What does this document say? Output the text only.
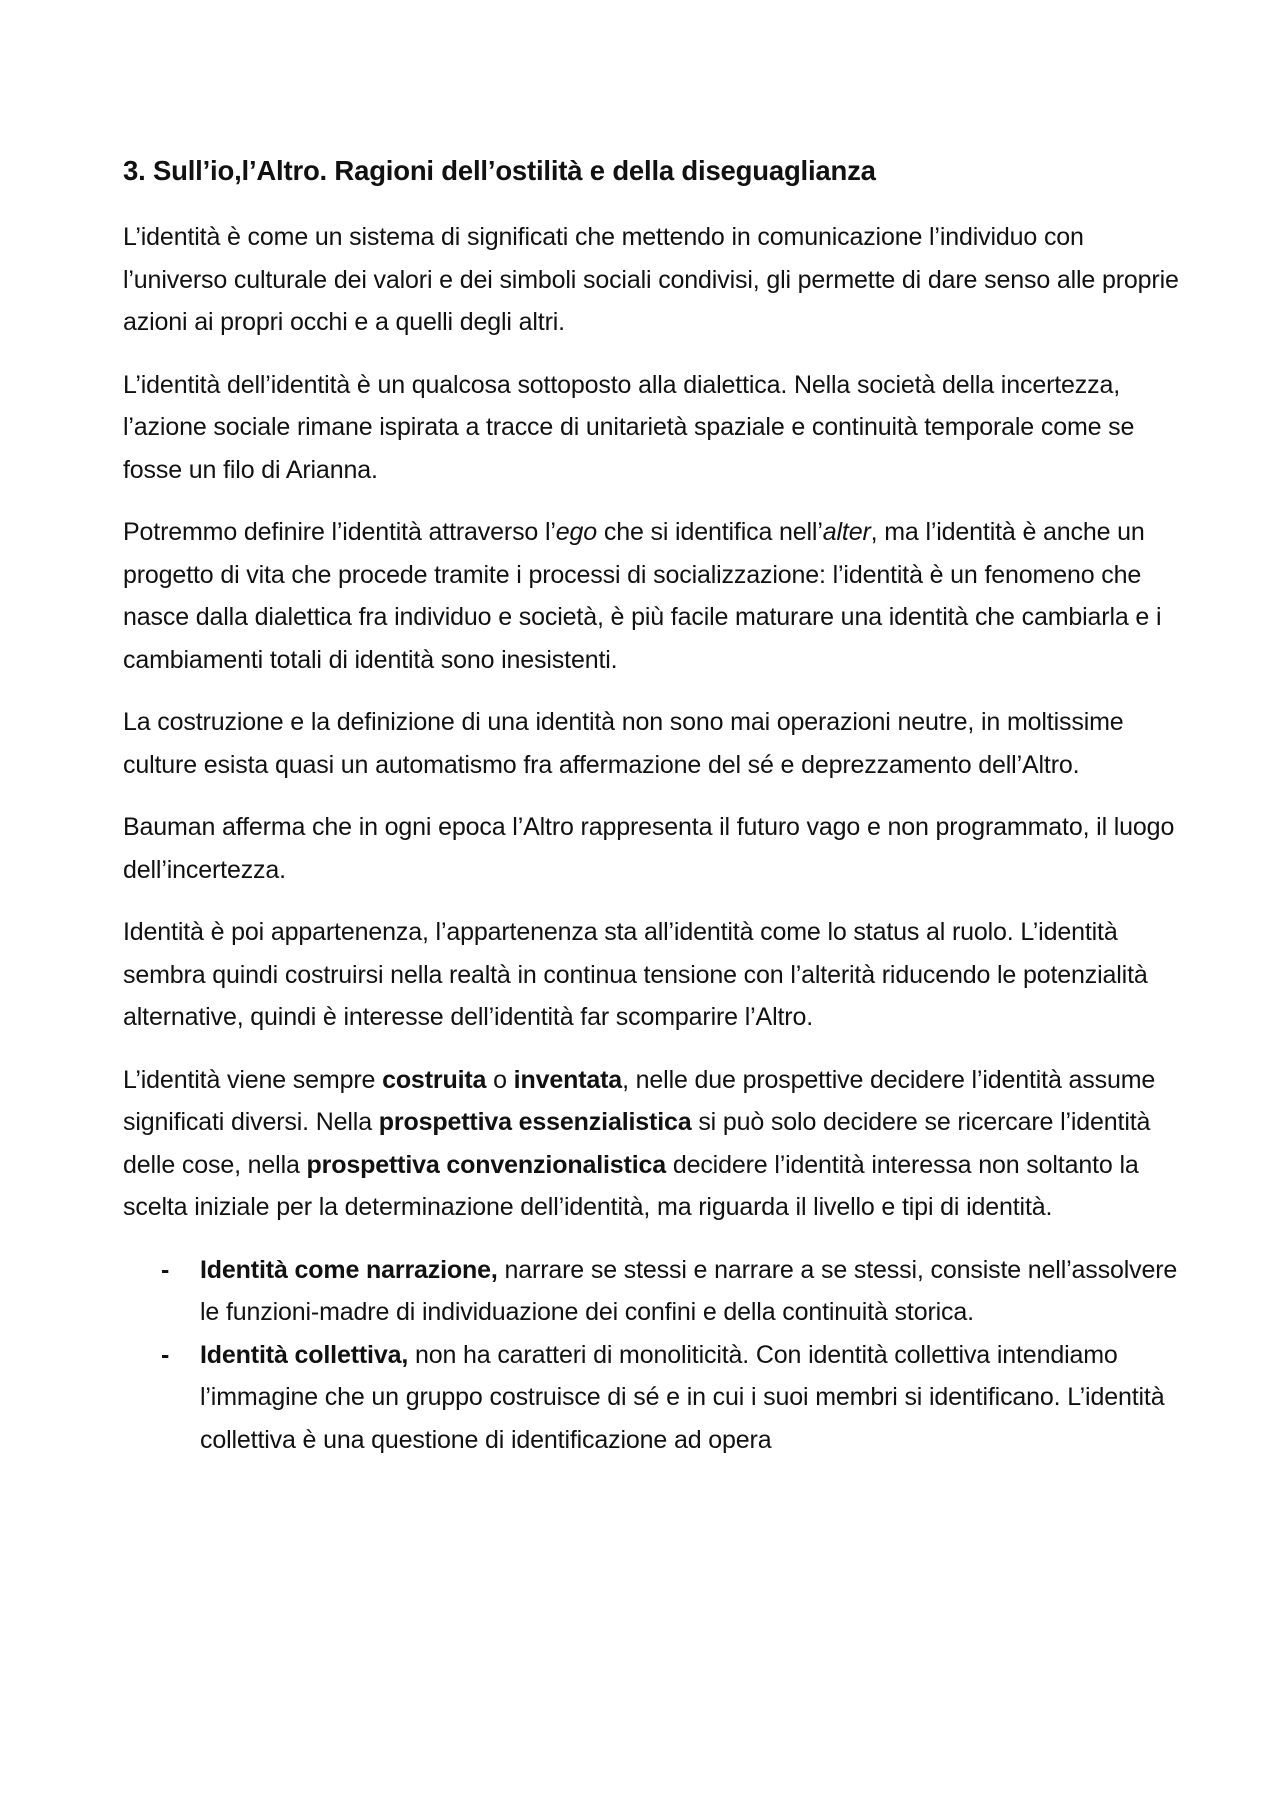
3. Sull’io,l’Altro. Ragioni dell’ostilità e della diseguaglianza

L’identità è come un sistema di significati che mettendo in comunicazione l’individuo con l’universo culturale dei valori e dei simboli sociali condivisi, gli permette di dare senso alle proprie azioni ai propri occhi e a quelli degli altri.

L’identità dell’identità è un qualcosa sottoposto alla dialettica. Nella società della incertezza, l’azione sociale rimane ispirata a tracce di unitarietà spaziale e continuità temporale come se fosse un filo di Arianna.

Potremmo definire l’identità attraverso l’ego che si identifica nell’alter, ma l’identità è anche un progetto di vita che procede tramite i processi di socializzazione: l’identità è un fenomeno che nasce dalla dialettica fra individuo e società, è più facile maturare una identità che cambiarla e i cambiamenti totali di identità sono inesistenti.

La costruzione e la definizione di una identità non sono mai operazioni neutre, in moltissime culture esista quasi un automatismo fra affermazione del sé e deprezzamento dell’Altro.

Bauman afferma che in ogni epoca l’Altro rappresenta il futuro vago e non programmato, il luogo dell’incertezza.

Identità è poi appartenenza, l’appartenenza sta all’identità come lo status al ruolo. L’identità sembra quindi costruirsi nella realtà in continua tensione con l’alterità riducendo le potenzialità alternative, quindi è interesse dell’identità far scomparire l’Altro.

L’identità viene sempre costruita o inventata, nelle due prospettive decidere l’identità assume significati diversi. Nella prospettiva essenzialistica si può solo decidere se ricercare l’identità delle cose, nella prospettiva convenzionalistica decidere l’identità interessa non soltanto la scelta iniziale per la determinazione dell’identità, ma riguarda il livello e tipi di identità.

- Identità come narrazione, narrare se stessi e narrare a se stessi, consiste nell’assolvere le funzioni-madre di individuazione dei confini e della continuità storica.
- Identità collettiva, non ha caratteri di monoliticità. Con identità collettiva intendiamo l’immagine che un gruppo costruisce di sé e in cui i suoi membri si identificano. L’identità collettiva è una questione di identificazione ad opera
